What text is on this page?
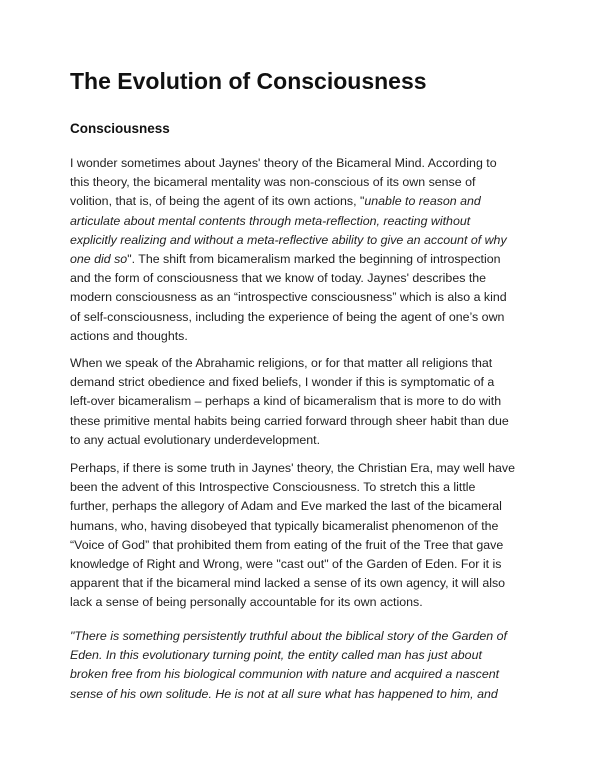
The Evolution of Consciousness
Consciousness

I wonder sometimes about Jaynes' theory of the Bicameral Mind. According to
this theory, the bicameral mentality was non-conscious of its own sense of
volition, that is, of being the agent of its own actions, "unable to reason and
articulate about mental contents through meta-reflection, reacting without
explicitly realizing and without a meta-reflective ability to give an account of why
one did so". The shift from bicameralism marked the beginning of introspection
and the form of consciousness that we know of today. Jaynes' describes the
modern consciousness as an “introspective consciousness” which is also a kind
of self-consciousness, including the experience of being the agent of one’s own
actions and thoughts.

When we speak of the Abrahamic religions, or for that matter all religions that
demand strict obedience and fixed beliefs, I wonder if this is symptomatic of a
left-over bicameralism – perhaps a kind of bicameralism that is more to do with
these primitive mental habits being carried forward through sheer habit than due
to any actual evolutionary underdevelopment.

Perhaps, if there is some truth in Jaynes' theory, the Christian Era, may well have
been the advent of this Introspective Consciousness. To stretch this a little
further, perhaps the allegory of Adam and Eve marked the last of the bicameral
humans, who, having disobeyed that typically bicameralist phenomenon of the
“Voice of God” that prohibited them from eating of the fruit of the Tree that gave
knowledge of Right and Wrong, were "cast out" of the Garden of Eden. For it is
apparent that if the bicameral mind lacked a sense of its own agency, it will also
lack a sense of being personally accountable for its own actions.

"There is something persistently truthful about the biblical story of the Garden of
Eden. In this evolutionary turning point, the entity called man has just about
broken free from his biological communion with nature and acquired a nascent
sense of his own solitude. He is not at all sure what has happened to him, and
